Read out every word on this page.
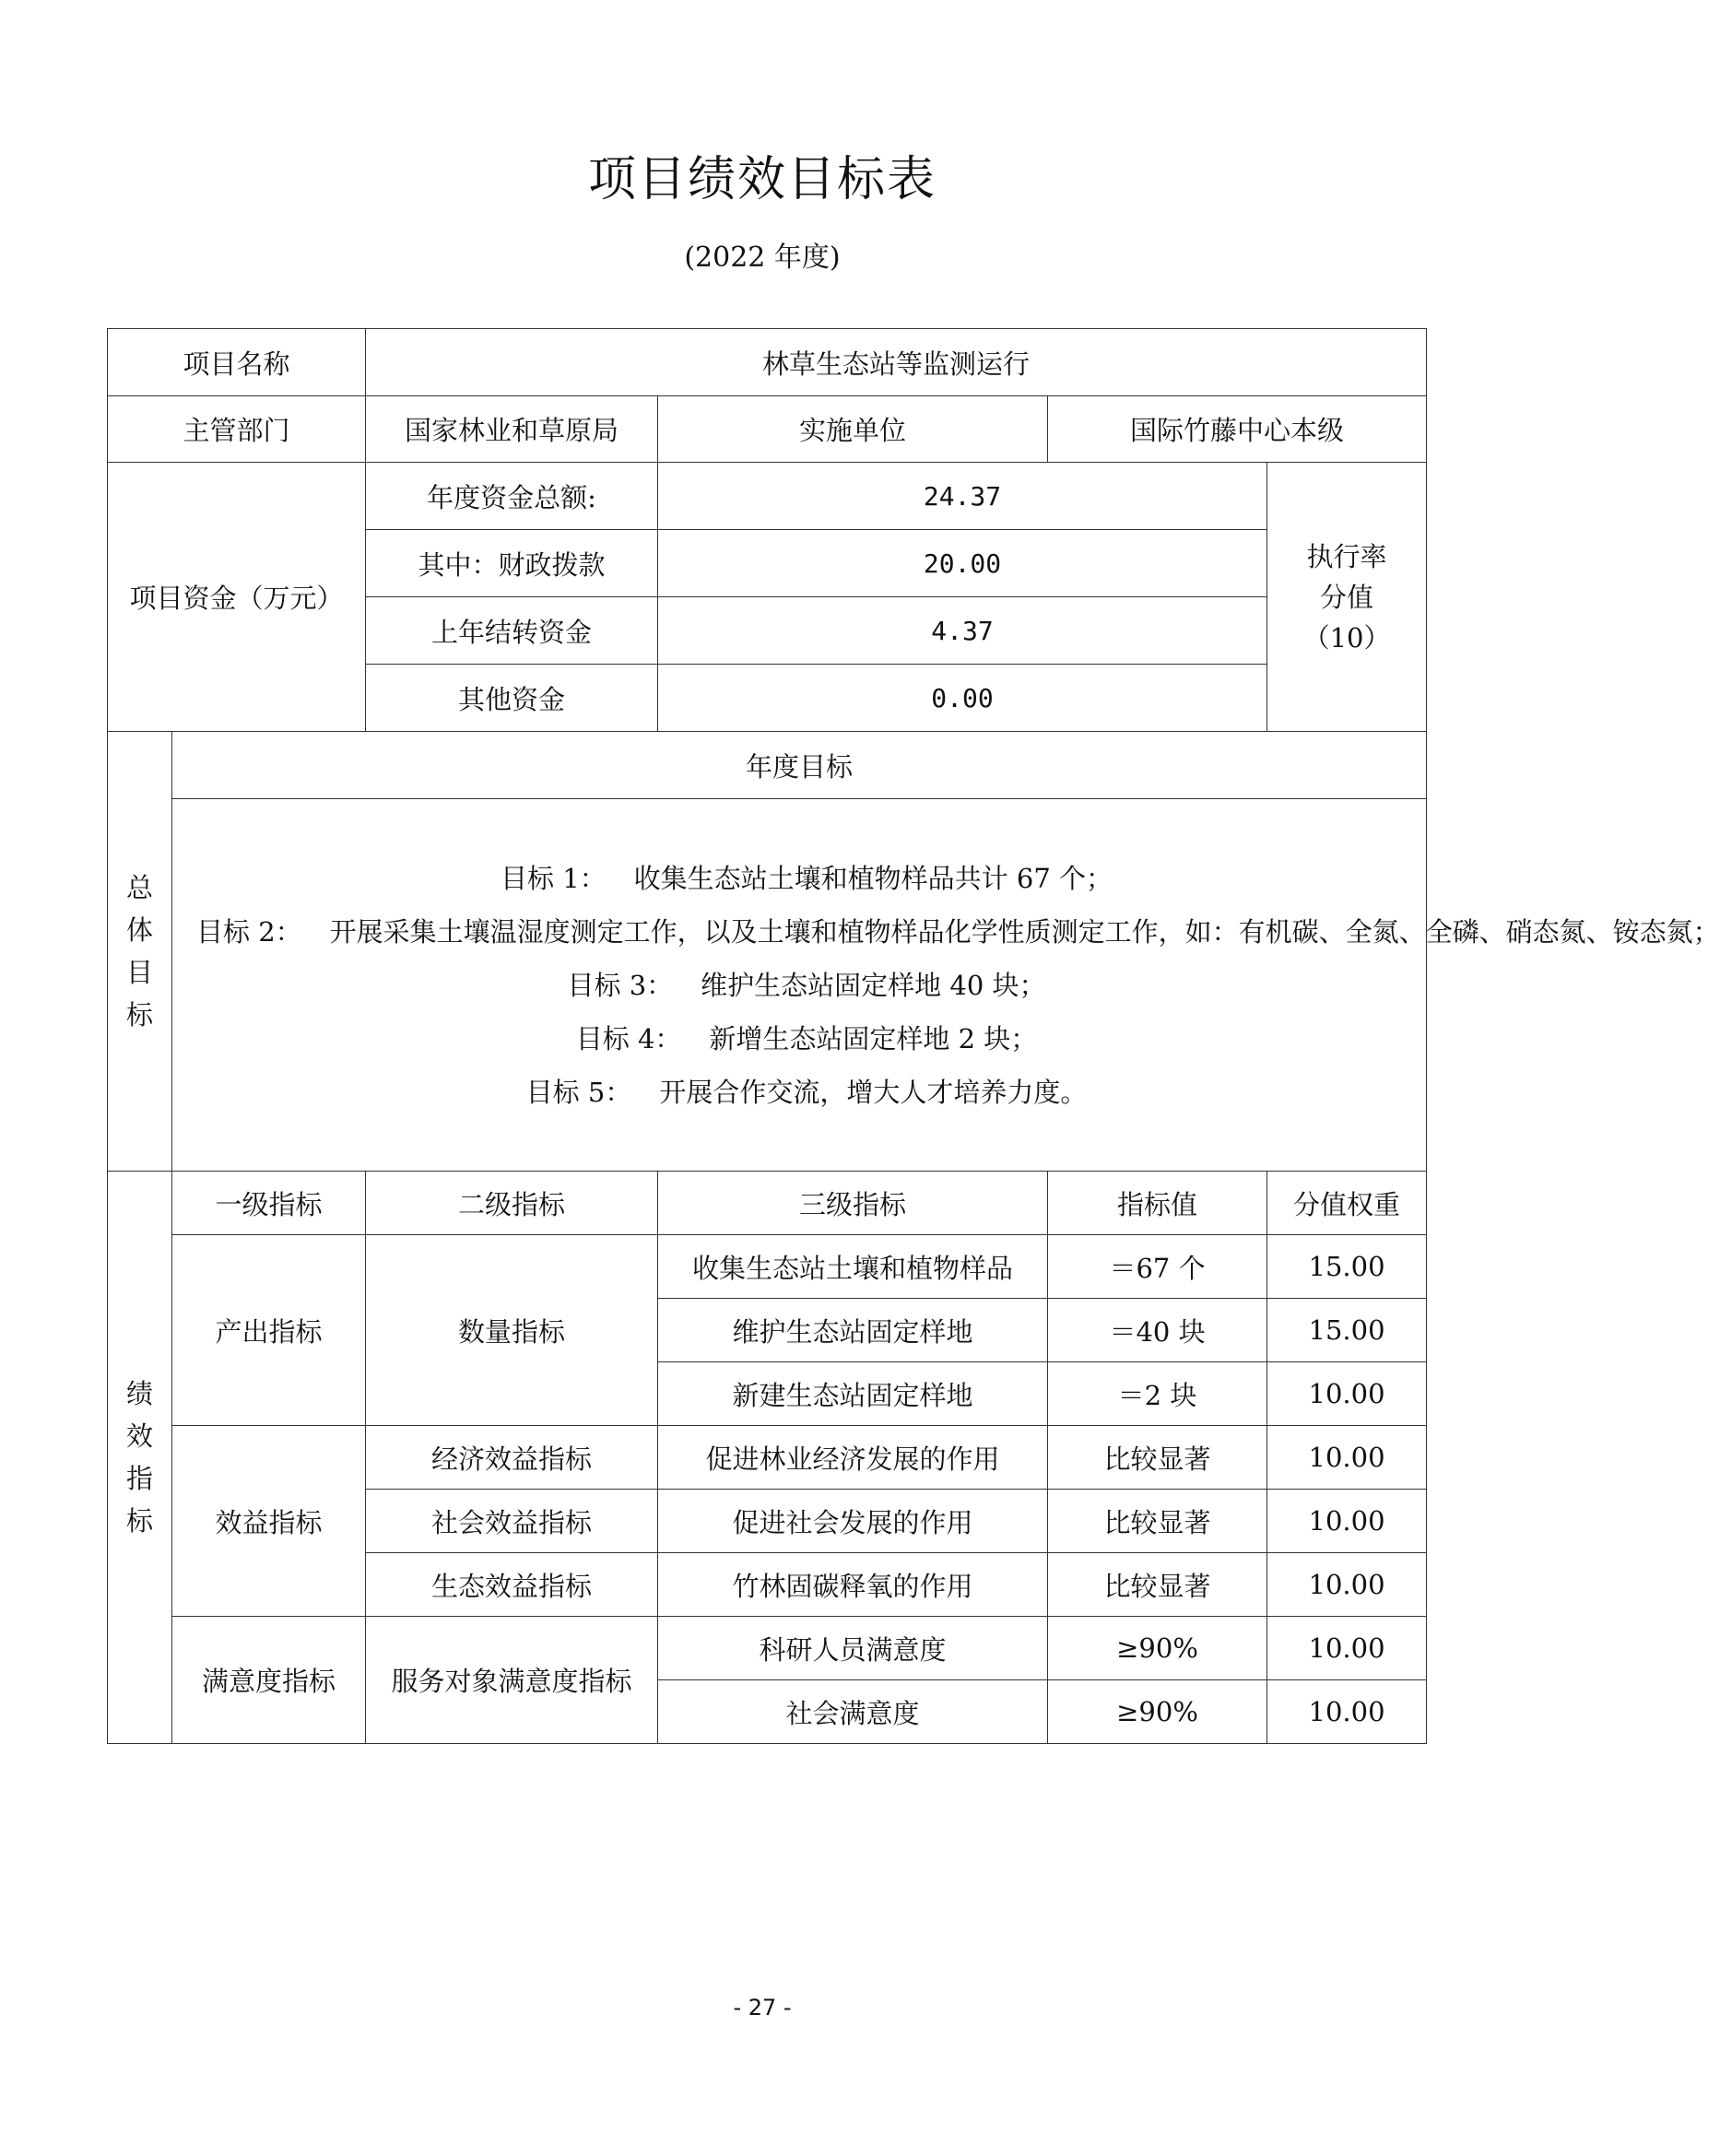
项目绩效目标表
(2022 年度)
项目名称		林草生态站等监测运行			
主管部门		国家林业和草原局	实施单位	国际竹藤中心本级	
项目资金（万元）		年度资金总额:	24.37		执行率
分值
（10）
		其中：财政拨款	20.00		
		上年结转资金	4.37		
		其他资金	0.00		

总
体
目
标	年度目标				

	目标 1： 收集生态站土壤和植物样品共计 67 个；
目标 2： 开展采集土壤温湿度测定工作，以及土壤和植物样品化学性质测定工作，如：有机碳、全氮、全磷、硝态氮、铵态氮；
目标 3： 维护生态站固定样地 40 块；
目标 4： 新增生态站固定样地 2 块；
目标 5： 开展合作交流，增大人才培养力度。				

绩
效
指
标	一级指标	二级指标	三级指标	指标值	分值权重
	产出指标	数量指标	收集生态站土壤和植物样品	＝67 个	15.00
			维护生态站固定样地	＝40 块	15.00
			新建生态站固定样地	＝2 块	10.00
	效益指标	经济效益指标	促进林业经济发展的作用	比较显著	10.00
		社会效益指标	促进社会发展的作用	比较显著	10.00
		生态效益指标	竹林固碳释氧的作用	比较显著	10.00
	满意度指标	服务对象满意度指标	科研人员满意度	≥90%	10.00
			社会满意度	≥90%	10.00
- 27 -
